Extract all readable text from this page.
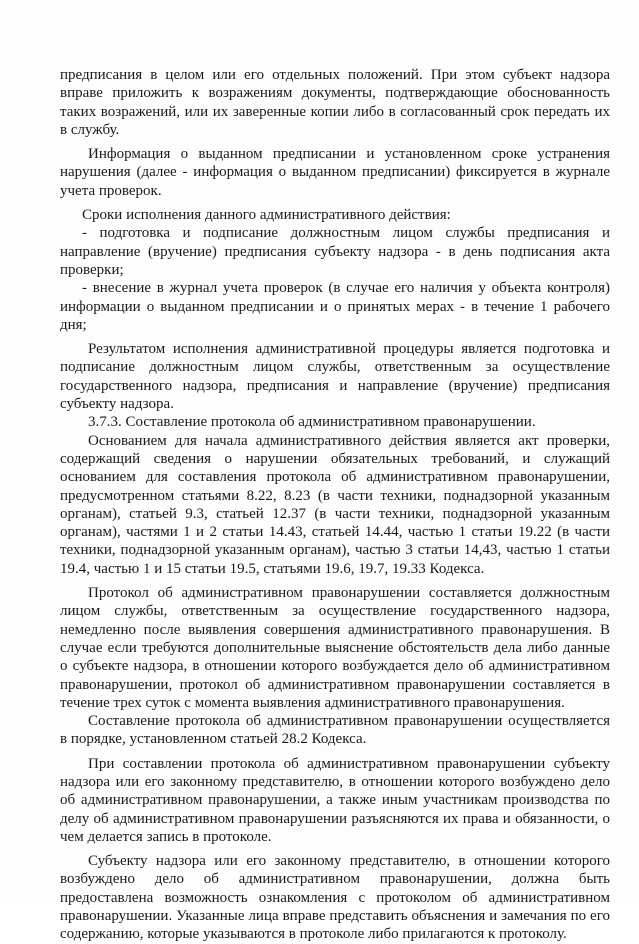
предписания в целом или его отдельных положений. При этом субъект надзора вправе приложить к возражениям документы, подтверждающие обоснованность таких возражений, или их заверенные копии либо в согласованный срок передать их в службу.

Информация о выданном предписании и установленном сроке устранения нарушения (далее - информация о выданном предписании) фиксируется в журнале учета проверок.

Сроки исполнения данного административного действия:

- подготовка и подписание должностным лицом службы предписания и направление (вручение) предписания субъекту надзора - в день подписания акта проверки;

- внесение в журнал учета проверок (в случае его наличия у объекта контроля) информации о выданном предписании и о принятых мерах - в течение 1 рабочего дня;

Результатом исполнения административной процедуры является подготовка и подписание должностным лицом службы, ответственным за осуществление государственного надзора, предписания и направление (вручение) предписания субъекту надзора.

3.7.3. Составление протокола об административном правонарушении.

Основанием для начала административного действия является акт проверки, содержащий сведения о нарушении обязательных требований, и служащий основанием для составления протокола об административном правонарушении, предусмотренном статьями 8.22, 8.23 (в части техники, поднадзорной указанным органам), статьей 9.3, статьей 12.37 (в части техники, поднадзорной указанным органам), частями 1 и 2 статьи 14.43, статьей 14.44, частью 1 статьи 19.22 (в части техники, поднадзорной указанным органам), частью 3 статьи 14,43, частью 1 статьи 19.4, частью 1 и 15 статьи 19.5, статьями 19.6, 19.7, 19.33 Кодекса.

Протокол об административном правонарушении составляется должностным лицом службы, ответственным за осуществление государственного надзора, немедленно после выявления совершения административного правонарушения. В случае если требуются дополнительные выяснение обстоятельств дела либо данные о субъекте надзора, в отношении которого возбуждается дело об административном правонарушении, протокол об административном правонарушении составляется в течение трех суток с момента выявления административного правонарушения.

Составление протокола об административном правонарушении осуществляется в порядке, установленном статьей 28.2 Кодекса.

При составлении протокола об административном правонарушении субъекту надзора или его законному представителю, в отношении которого возбуждено дело об административном правонарушении, а также иным участникам производства по делу об административном правонарушении разъясняются их права и обязанности, о чем делается запись в протоколе.

Субъекту надзора или его законному представителю, в отношении которого возбуждено дело об административном правонарушении, должна быть предоставлена возможность ознакомления с протоколом об административном правонарушении. Указанные лица вправе представить объяснения и замечания по его содержанию, которые указываются в протоколе либо прилагаются к протоколу.
